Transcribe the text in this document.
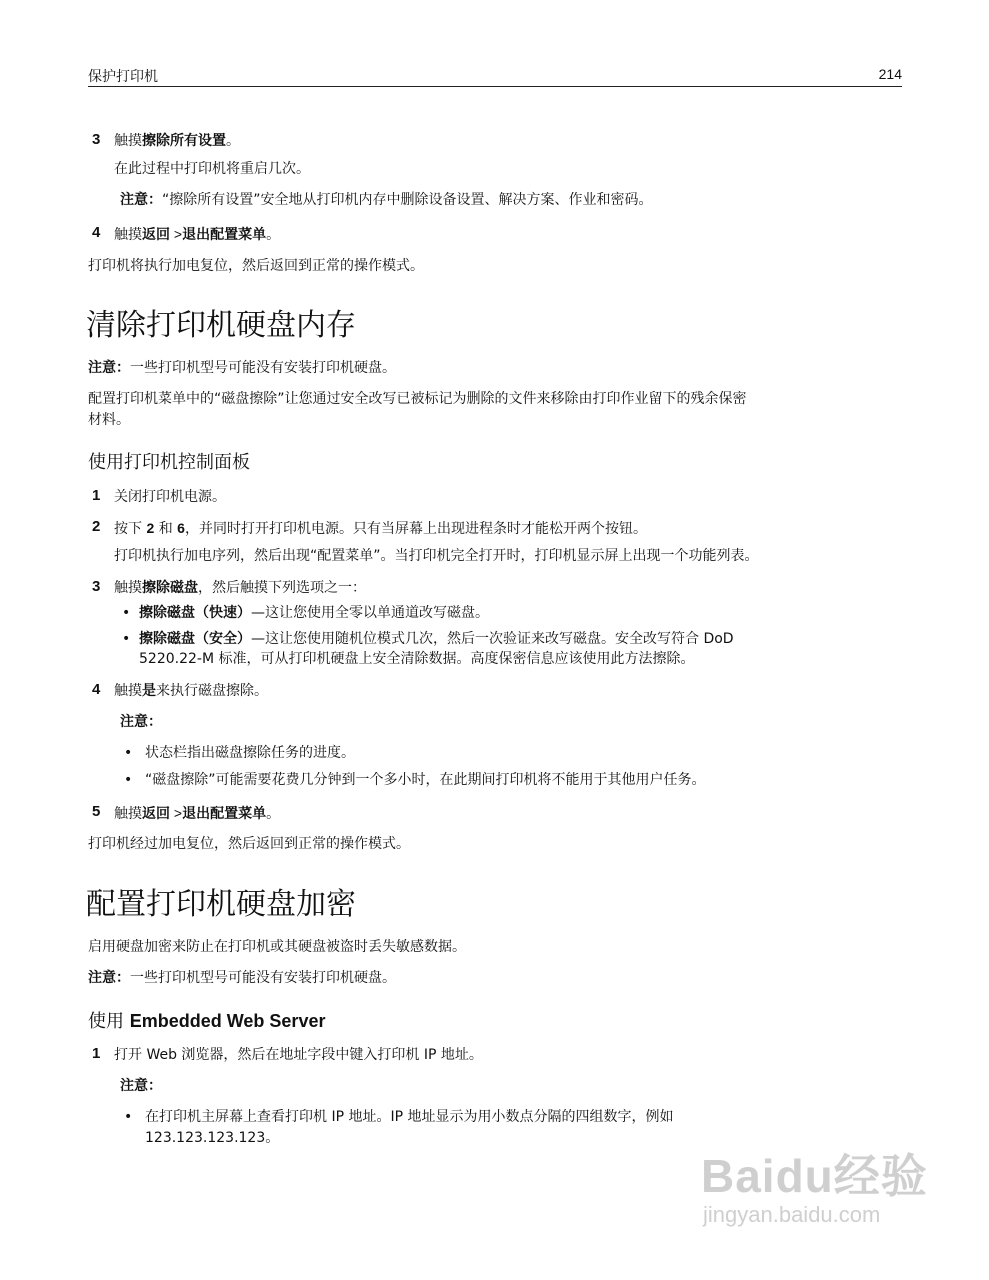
保护打印机	214
3 触摸擦除所有设置。
在此过程中打印机将重启几次。
注意：“擦除所有设置”安全地从打印机内存中删除设备设置、解决方案、作业和密码。
4 触摸返回 >退出配置菜单。
打印机将执行加电复位，然后返回到正常的操作模式。
清除打印机硬盘内存
注意：一些打印机型号可能没有安装打印机硬盘。
配置打印机菜单中的“磁盘擦除”让您通过安全改写已被标记为删除的文件来移除由打印作业留下的残余保密
材料。
使用打印机控制面板
1 关闭打印机电源。
2 按下 2 和 6，并同时打开打印机电源。只有当屏幕上出现进程条时才能松开两个按钮。
打印机执行加电序列，然后出现“配置菜单”。当打印机完全打开时，打印机显示屏上出现一个功能列表。
3 触摸擦除磁盘，然后触摸下列选项之一：
• 擦除磁盘（快速）—这让您使用全零以单通道改写磁盘。
• 擦除磁盘（安全）—这让您使用随机位模式几次，然后一次验证来改写磁盘。安全改写符合 DoD
5220.22-M 标准，可从打印机硬盘上安全清除数据。高度保密信息应该使用此方法擦除。
4 触摸是来执行磁盘擦除。
注意：
• 状态栏指出磁盘擦除任务的进度。
• “磁盘擦除”可能需要花费几分钟到一个多小时，在此期间打印机将不能用于其他用户任务。
5 触摸返回 >退出配置菜单。
打印机经过加电复位，然后返回到正常的操作模式。
配置打印机硬盘加密
启用硬盘加密来防止在打印机或其硬盘被盗时丢失敏感数据。
注意：一些打印机型号可能没有安装打印机硬盘。
使用 Embedded Web Server
1 打开 Web 浏览器，然后在地址字段中键入打印机 IP 地址。
注意：
• 在打印机主屏幕上查看打印机 IP 地址。IP 地址显示为用小数点分隔的四组数字，例如
123.123.123.123。
Baidu经验
jingyan.baidu.com
